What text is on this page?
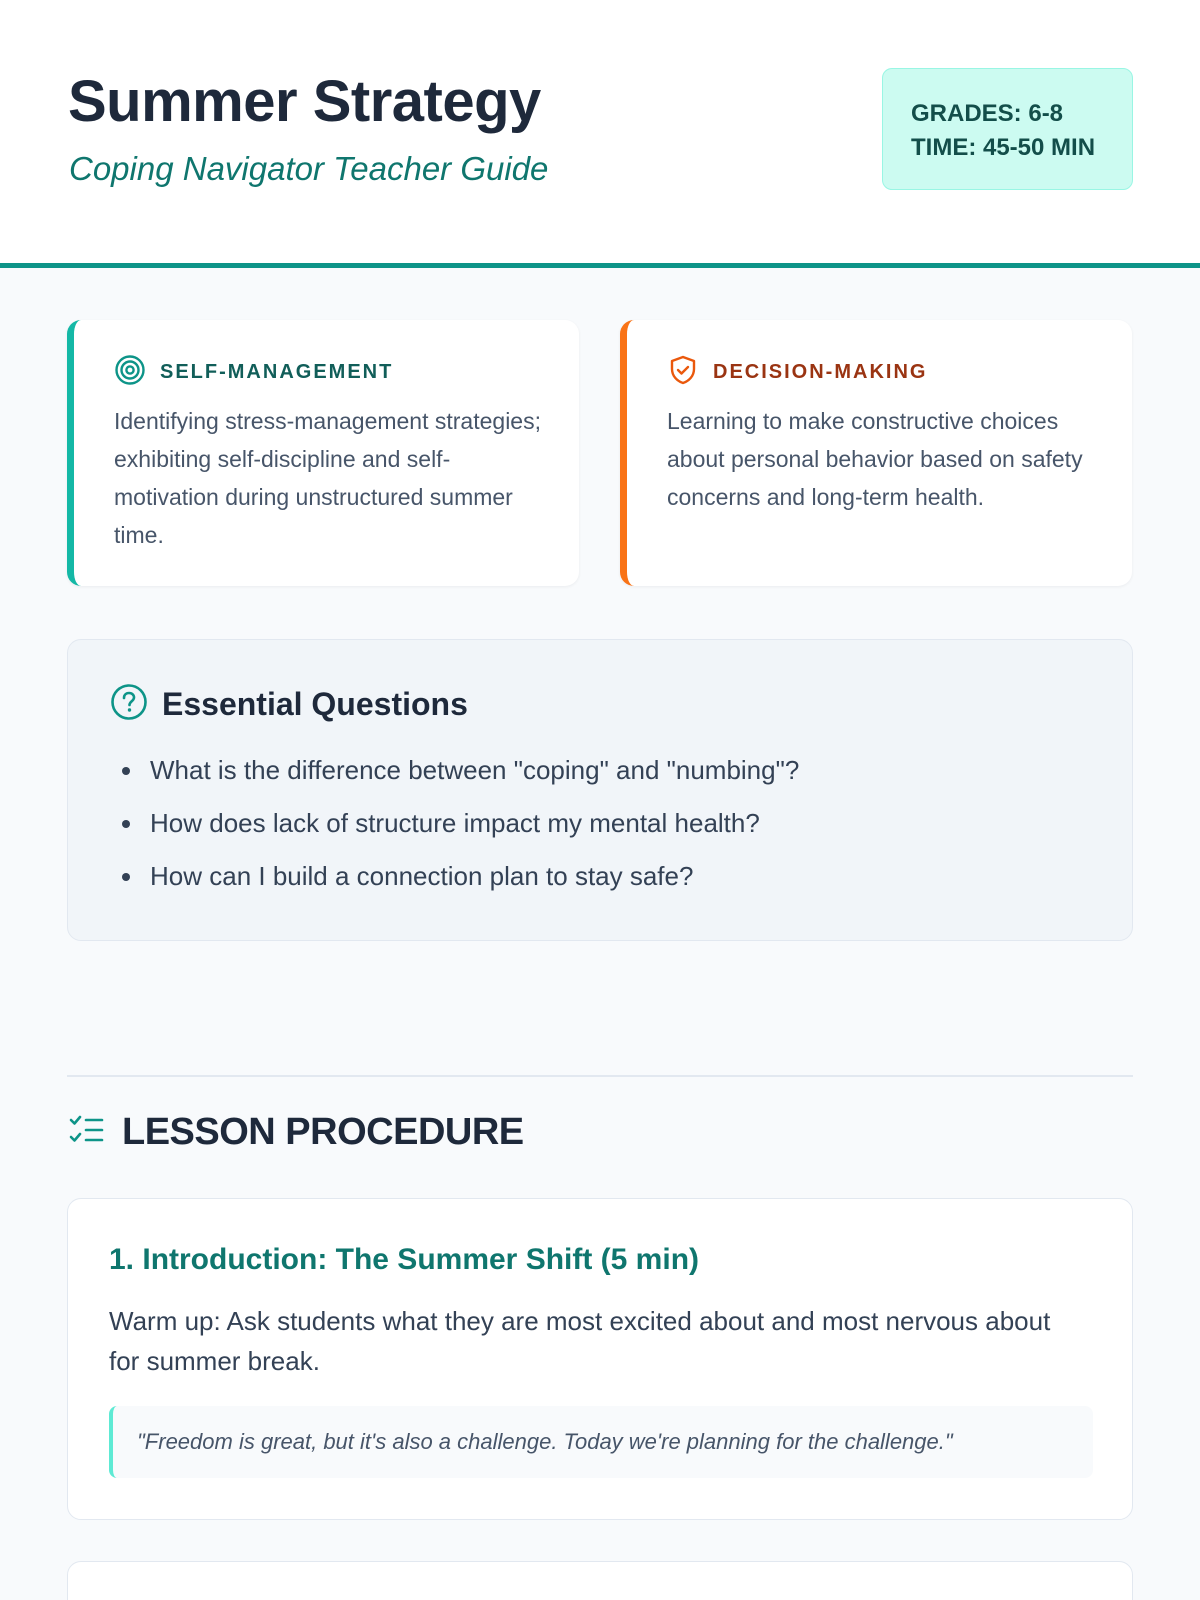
Summer Strategy
Coping Navigator Teacher Guide
GRADES: 6-8
TIME: 45-50 MIN
SELF-MANAGEMENT

Identifying stress-management strategies; exhibiting self-discipline and self-motivation during unstructured summer time.

DECISION-MAKING

Learning to make constructive choices about personal behavior based on safety concerns and long-term health.

Essential Questions
What is the difference between "coping" and "numbing"?
How does lack of structure impact my mental health?
How can I build a connection plan to stay safe?
LESSON PROCEDURE
1. Introduction: The Summer Shift (5 min)

Warm up: Ask students what they are most excited about and most nervous about for summer break.

"Freedom is great, but it's also a challenge. Today we're planning for the challenge."
